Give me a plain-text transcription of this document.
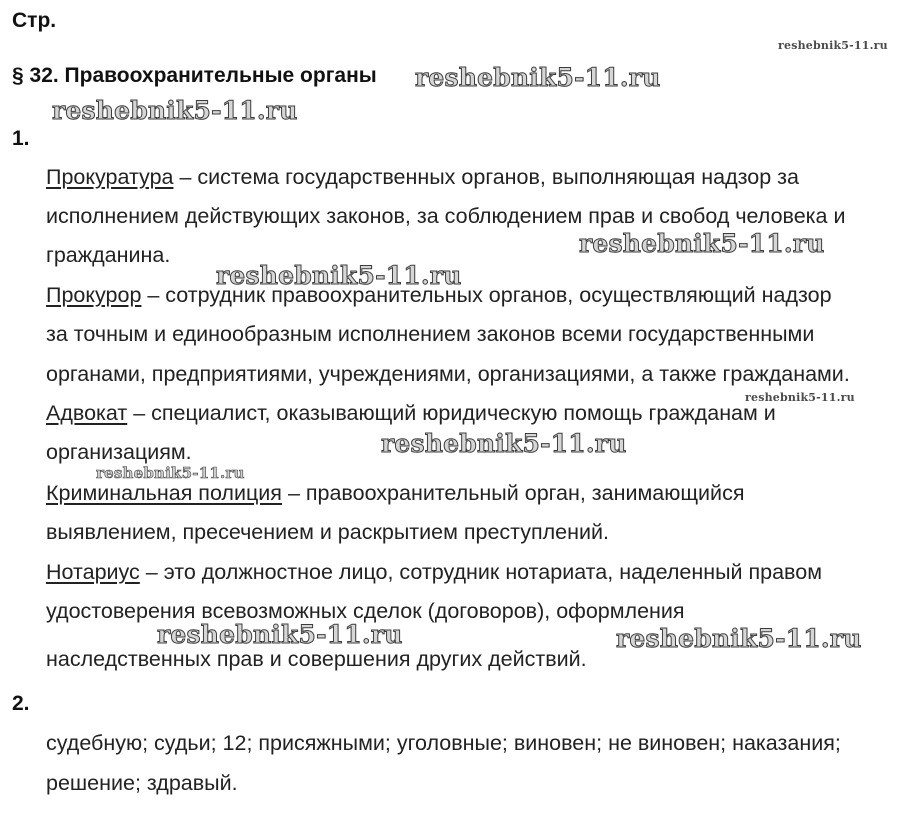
Стр.
§ 32. Правоохранительные органы
1.
Прокуратура – система государственных органов, выполняющая надзор за
исполнением действующих законов, за соблюдением прав и свобод человека и
гражданина.
Прокурор – сотрудник правоохранительных органов, осуществляющий надзор
за точным и единообразным исполнением законов всеми государственными
органами, предприятиями, учреждениями, организациями, а также гражданами.
Адвокат – специалист, оказывающий юридическую помощь гражданам и
организациям.
Криминальная полиция – правоохранительный орган, занимающийся
выявлением, пресечением и раскрытием преступлений.
Нотариус – это должностное лицо, сотрудник нотариата, наделенный правом
удостоверения всевозможных сделок (договоров), оформления
наследственных прав и совершения других действий.
2.
судебную; судьи; 12; присяжными; уголовные; виновен; не виновен; наказания;
решение; здравый.
reshebnik5-11.ru
reshebnik5-11.ru
reshebnik5-11.ru
reshebnik5-11.ru
reshebnik5-11.ru
reshebnik5-11.ru
reshebnik5-11.ru
reshebnik5-11.ru
reshebnik5-11.ru	reshebnik5-11.ru
